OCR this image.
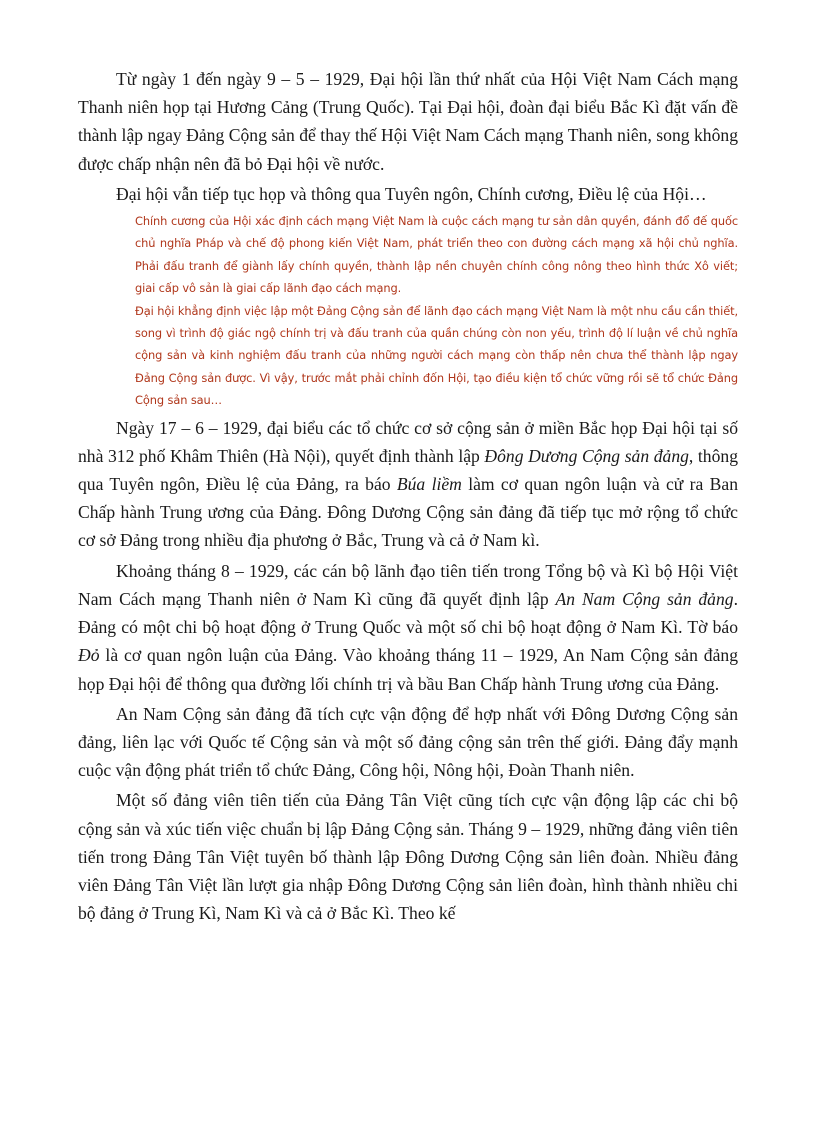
Từ ngày 1 đến ngày 9 – 5 – 1929, Đại hội lần thứ nhất của Hội Việt Nam Cách mạng Thanh niên họp tại Hương Cảng (Trung Quốc). Tại Đại hội, đoàn đại biểu Bắc Kì đặt vấn đề thành lập ngay Đảng Cộng sản để thay thế Hội Việt Nam Cách mạng Thanh niên, song không được chấp nhận nên đã bỏ Đại hội về nước.

Đại hội vẫn tiếp tục họp và thông qua Tuyên ngôn, Chính cương, Điều lệ của Hội…

Chính cương của Hội xác định cách mạng Việt Nam là cuộc cách mạng tư sản dân quyền, đánh đổ đế quốc chủ nghĩa Pháp và chế độ phong kiến Việt Nam, phát triển theo con đường cách mạng xã hội chủ nghĩa. Phải đấu tranh để giành lấy chính quyền, thành lập nền chuyên chính công nông theo hình thức Xô viết; giai cấp vô sản là giai cấp lãnh đạo cách mạng.
Đại hội khẳng định việc lập một Đảng Cộng sản để lãnh đạo cách mạng Việt Nam là một nhu cầu cần thiết, song vì trình độ giác ngộ chính trị và đấu tranh của quần chúng còn non yếu, trình độ lí luận về chủ nghĩa cộng sản và kinh nghiệm đấu tranh của những người cách mạng còn thấp nên chưa thể thành lập ngay Đảng Cộng sản được. Vì vậy, trước mắt phải chỉnh đốn Hội, tạo điều kiện tổ chức vững rồi sẽ tổ chức Đảng Cộng sản sau…

Ngày 17 – 6 – 1929, đại biểu các tổ chức cơ sở cộng sản ở miền Bắc họp Đại hội tại số nhà 312 phố Khâm Thiên (Hà Nội), quyết định thành lập Đông Dương Cộng sản đảng, thông qua Tuyên ngôn, Điều lệ của Đảng, ra báo Búa liềm làm cơ quan ngôn luận và cử ra Ban Chấp hành Trung ương của Đảng. Đông Dương Cộng sản đảng đã tiếp tục mở rộng tổ chức cơ sở Đảng trong nhiều địa phương ở Bắc, Trung và cả ở Nam kì.

Khoảng tháng 8 – 1929, các cán bộ lãnh đạo tiên tiến trong Tổng bộ và Kì bộ Hội Việt Nam Cách mạng Thanh niên ở Nam Kì cũng đã quyết định lập An Nam Cộng sản đảng. Đảng có một chi bộ hoạt động ở Trung Quốc và một số chi bộ hoạt động ở Nam Kì. Tờ báo Đỏ là cơ quan ngôn luận của Đảng. Vào khoảng tháng 11 – 1929, An Nam Cộng sản đảng họp Đại hội để thông qua đường lối chính trị và bầu Ban Chấp hành Trung ương của Đảng.

An Nam Cộng sản đảng đã tích cực vận động để hợp nhất với Đông Dương Cộng sản đảng, liên lạc với Quốc tế Cộng sản và một số đảng cộng sản trên thế giới. Đảng đẩy mạnh cuộc vận động phát triển tổ chức Đảng, Công hội, Nông hội, Đoàn Thanh niên.

Một số đảng viên tiên tiến của Đảng Tân Việt cũng tích cực vận động lập các chi bộ cộng sản và xúc tiến việc chuẩn bị lập Đảng Cộng sản. Tháng 9 – 1929, những đảng viên tiên tiến trong Đảng Tân Việt tuyên bố thành lập Đông Dương Cộng sản liên đoàn. Nhiều đảng viên Đảng Tân Việt lần lượt gia nhập Đông Dương Cộng sản liên đoàn, hình thành nhiều chi bộ đảng ở Trung Kì, Nam Kì và cả ở Bắc Kì. Theo kế
